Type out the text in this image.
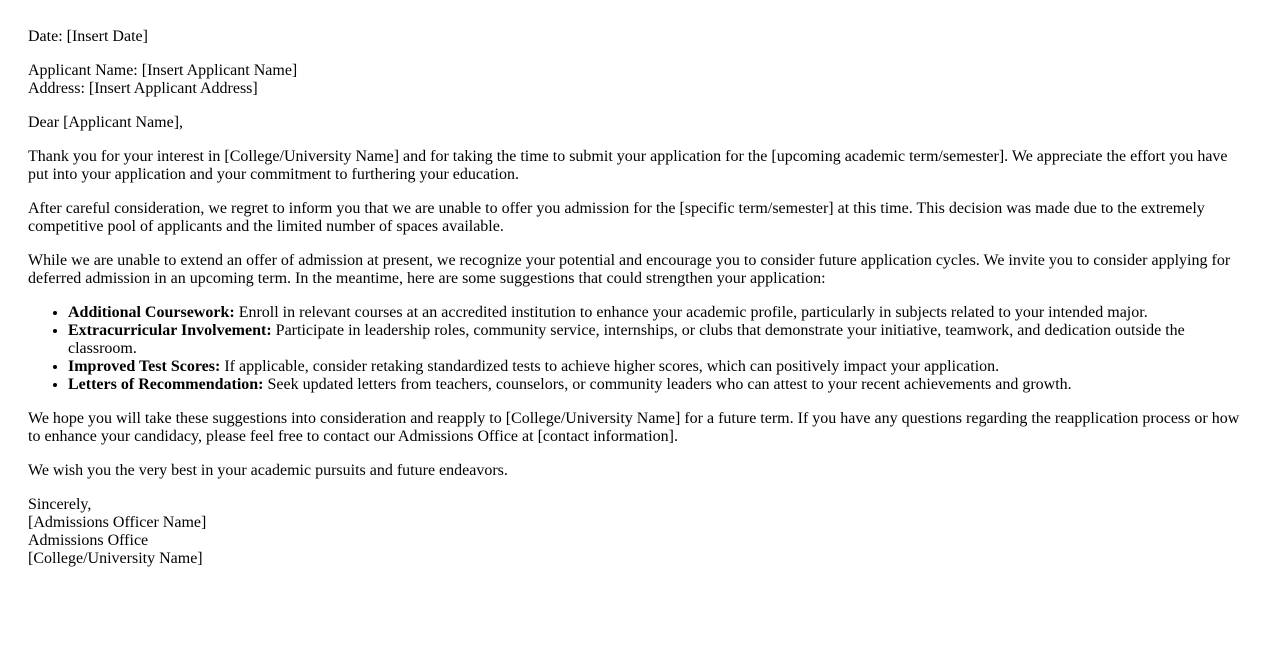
Date: [Insert Date]

Applicant Name: [Insert Applicant Name]
Address: [Insert Applicant Address]

Dear [Applicant Name],

Thank you for your interest in [College/University Name] and for taking the time to submit your application for the [upcoming academic term/semester]. We appreciate the effort you have put into your application and your commitment to furthering your education.

After careful consideration, we regret to inform you that we are unable to offer you admission for the [specific term/semester] at this time. This decision was made due to the extremely competitive pool of applicants and the limited number of spaces available.

While we are unable to extend an offer of admission at present, we recognize your potential and encourage you to consider future application cycles. We invite you to consider applying for deferred admission in an upcoming term. In the meantime, here are some suggestions that could strengthen your application:

• Additional Coursework: Enroll in relevant courses at an accredited institution to enhance your academic profile, particularly in subjects related to your intended major.
• Extracurricular Involvement: Participate in leadership roles, community service, internships, or clubs that demonstrate your initiative, teamwork, and dedication outside the classroom.
• Improved Test Scores: If applicable, consider retaking standardized tests to achieve higher scores, which can positively impact your application.
• Letters of Recommendation: Seek updated letters from teachers, counselors, or community leaders who can attest to your recent achievements and growth.

We hope you will take these suggestions into consideration and reapply to [College/University Name] for a future term. If you have any questions regarding the reapplication process or how to enhance your candidacy, please feel free to contact our Admissions Office at [contact information].

We wish you the very best in your academic pursuits and future endeavors.

Sincerely,
[Admissions Officer Name]
Admissions Office
[College/University Name]
